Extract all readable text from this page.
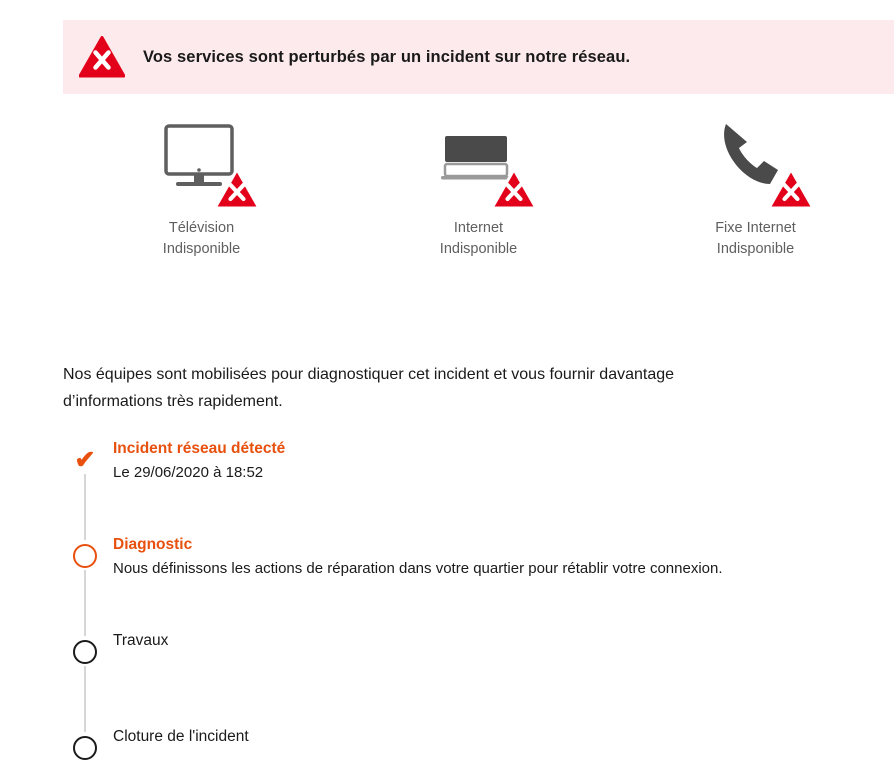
Vos services sont perturbés par un incident sur notre réseau.
Télévision
Indisponible
Internet
Indisponible
Fixe Internet
Indisponible

Nos équipes sont mobilisées pour diagnostiquer cet incident et vous fournir davantage d’informations très rapidement.

✔ Incident réseau détecté
Le 29/06/2020 à 18:52
Diagnostic
Nous définissons les actions de réparation dans votre quartier pour rétablir votre connexion.
Travaux
Cloture de l'incident
